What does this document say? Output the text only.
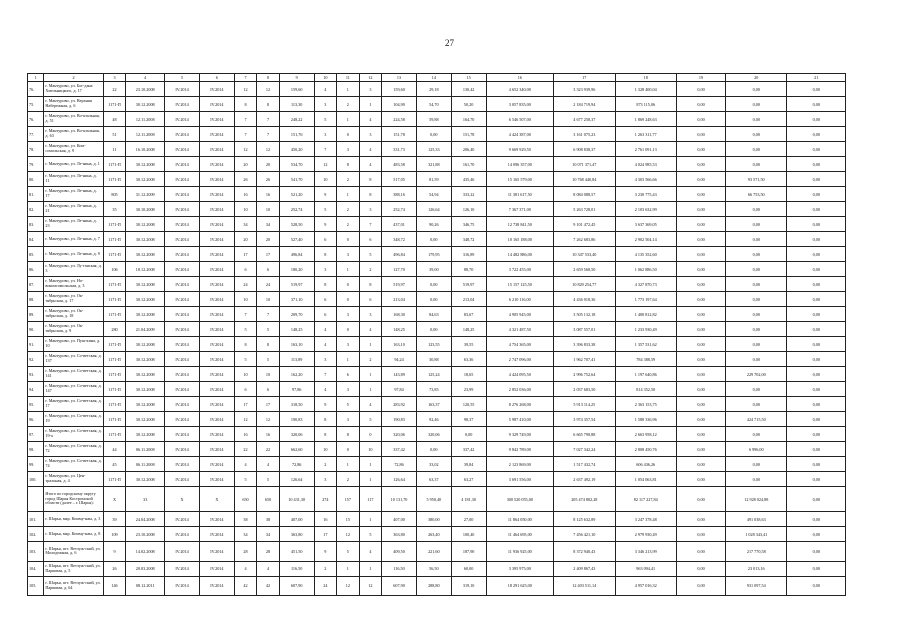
27
1	2	3	4	5	6	7	8	9	10	11	12	13	14	15	16	17	18	19	20	21
76.	г. Мантурово, ул. Бог-дана Хмельницкого, д. 17	22	23.10.2008	IV.2014	IV.2014	12	12	159,60	4	1	3	159,60	29,18	130,42	4 652 340,00	3 323 939,96	1 328 400,04	0,00	0,00	0,00
75.	г. Мантурово, ул. Верхняя Набережная, д. 6	1171-П	30.12.2008	IV.2014	IV.2014	8	8	113,30	3	2	1	104,90	54,70	50,20	3 057 835,00	2 184 719,94	873 115,06	0,00	0,00	0,00
76.	г. Мантурово, ул. Во-кзальная, д. 51	48	12.11.2008	IV.2014	IV.2014	7	7	248,22	5	1	4	224,58	59,88	164,70	6 546 507,00	4 677 258,37	1 869 248,63	0,00	0,00	0,00
77.	г. Мантурово, ул. Во-кзальная, д. 63	51	12.11.2008	IV.2014	IV.2014	7	7	151,76	3	0	3	151,78	0,00	151,78	4 424 387,00	3 161 075,23	1 263 311,77	0,00	0,00	0,00
78.	г. Мантурово, ул. Ком-сомольская, д. 9	11	16.10.2008	IV.2014	IV.2014	12	12	450,20	7	3	4	331,73	125,33	206,40	9 669 929,50	6 908 838,37	2 761 091,13	0,00	0,00	0,00
79.	г. Мантурово, ул. Ле-нина, д. 1	1171-П	30.12.2008	IV.2014	IV.2014	20	20	534,70	12	8	4	483,58	321,88	161,70	14 096 357,00	10 071 371,47	4 024 985,53	0,00	0,00	0,00
80.	г. Мантурово, ул. Ле-нина, д. 11	1171-П	30.12.2008	IV.2014	IV.2014	26	26	541,70	10	2	8	517,05	81,59	435,46	15 165 579,00	10 768 440,84	4 303 566,66	0,00	93 571,50	0,00
81.	г. Мантурово, ул. Ле-нина, д. 17	805	31.12.2009	IV.2014	IV.2014	16	16	521,20	9	1	8	388,16	54,94	333,22	11 381 617,50	8 084 088,57	3 230 775,43	0,00	66 753,50	0,00
82.	г. Мантурово, ул. Ле-нина, д. 21	35	30.10.2008	IV.2014	IV.2014	10	10	252,74	5	2	3	252,74	126,64	126,10	7 367 371,00	5 263 728,01	2 103 632,99	0,00	0,00	0,00
83.	г. Мантурово, ул. Ле-нина, д. 23	1171-П	30.12.2008	IV.2014	IV.2014	34	34	528,50	9	2	7	437,01	90,26	346,75	12 738 841,50	9 101 472,45	3 637 369,05	0,00	0,00	0,00
84.	г. Мантурово, ул. Ле-нина, д. 7	1171-П	30.12.2008	IV.2014	IV.2014	20	20	527,40	6	0	6	348,72	0,00	348,72	10 165 188,00	7 262 683,86	2 902 504,14	0,00	0,00	0,00
85.	г. Мантурово, ул. Ле-нина, д. 9	1171-П	30.12.2008	IV.2014	IV.2014	17	17	496,84	8	3	5	496,84	179,95	316,89	14 482 886,00	10 347 533,40	4 135 352,60	0,00	0,00	0,00
86.	г. Мантурово, ул. Лу-ганская, д. 3	106	18.12.2008	IV.2014	IV.2014	6	6	180,20	3	1	2	127,70	39,00	88,70	3 722 455,00	2 659 568,50	1 062 886,50	0,00	0,00	0,00
87.	г. Мантурово, ул. Но-вокомсомольская, д. 3	1171-П	30.12.2008	IV.2014	IV.2014	24	24	519,97	8	0	8	519,97	0,00	519,97	15 157 125,50	10 829 254,77	4 327 870,73	0,00	0,00	0,00
88.	г. Мантурово, ул. Ок-тябрьская, д. 17	1171-П	30.12.2008	IV.2014	IV.2014	10	10	371,10	6	0	6	213,04	0,00	213,04	6 210 116,00	4 436 918,36	1 773 197,64	0,00	0,00	0,00
89.	г. Мантурово, ул. Ок-тябрьская, д. 18	1171-П	30.12.2008	IV.2014	IV.2014	7	7	209,70	6	3	3	168,30	84,63	83,67	4 905 945,00	3 505 132,18	1 400 812,82	0,00	0,00	0,00
90.	г. Мантурово, ул. Ок-тябрьская, д. 9	280	21.04.2009	IV.2014	IV.2014	5	5	148,25	4	0	4	148,25	0,00	148,25	4 321 487,50	3 087 557,01	1 233 930,49	0,00	0,00	0,00
91.	г. Мантурово, ул. Пуш-кина, д. 10	1171-П	30.12.2008	IV.2014	IV.2014	8	8	163,10	4	3	1	163,10	123,55	39,55	4 754 365,00	3 396 833,38	1 357 531,62	0,00	0,00	0,00
92.	г. Мантурово, ул. Со-ветская, д. 137	1171-П	30.12.2008	IV.2014	IV.2014	5	5	113,89	3	1	2	94,24	30,88	63,36	2 747 096,00	1 962 707,41	784 388,59	0,00	0,00	0,00
93.	г. Мантурово, ул. Со-ветская, д. 141	1171-П	30.12.2008	IV.2014	IV.2014	10	10	162,20	7	6	1	143,89	125,24	18,65	4 424 095,50	2 996 752,64	1 197 640,86	0,00	229 702,00	0,00
94.	г. Мантурово, ул. Со-ветская, д. 147	1171-П	30.12.2008	IV.2014	IV.2014	6	6	97,86	4	3	1	97,84	73,85	23,99	2 852 036,00	2 037 683,50	814 352,50	0,00	0,00	0,00
95.	г. Мантурово, ул. Со-ветская, д. 17	1171-П	30.12.2008	IV.2014	IV.2014	17	17	318,50	9	5	4	283,92	163,37	120,55	8 276 268,00	5 913 114,25	2 363 153,75	0,00	0,00	0,00
96.	г. Мантурово, ул. Со-ветская, д. 19	1171-П	30.12.2008	IV.2014	IV.2014	12	12	190,83	8	3	5	190,83	92,46	98,37	5 987 410,00	3 974 357,54	1 588 336,96	0,00	424 715,50	0,00
97.	г. Мантурово, ул. Со-ветская, д. 19-а	1171-П	30.12.2008	IV.2014	IV.2014	16	16	320,06	8	8	0	320,06	320,06	0,00	9 329 749,00	6 665 790,88	2 663 958,12	0,00	0,00	0,00
98.	г. Мантурово, ул. Со-ветская, д. 72	44	06.11.2008	IV.2014	IV.2014	22	22	662,60	10	0	10	337,42	0,00	337,42	9 842 789,00	7 027 342,24	2 808 450,76	0,00	6 996,00	0,00
99.	г. Мантурово, ул. Со-ветская, д. 74	45	06.11.2008	IV.2014	IV.2014	4	4	72,86	2	1	1	72,86	33,02	39,84	2 123 869,00	1 517 432,74	606 436,26	0,00	0,00	0,00
100.	г. Мантурово, ул. Цен-тральная, д. 4	1171-П	30.12.2008	IV.2014	IV.2014	5	5	126,64	3	2	1	126,64	63,37	63,27	3 691 556,00	2 637 492,19	1 054 063,81	0,00	0,00	0,00
	Итого по городскому округу город Шарья Костромской области (далее – г. Шарья):	X	33	X	X	650	650	10 431,30	274	157	117	10 131,70	5 950,40	4 181,30	300 520 055,00	205 474 802,28	82 117 227,84	0,00	12 928 024,88	0,00
101.	г. Шарья, мкр. Комму-наы, д. 3	39	24.04.2008	IV.2014	IV.2014	38	38	407,00	16	15	1	407,00	380,00	27,00	11 864 050,00	8 125 632,89	3 247 378,48	0,00	491 038,63	0,00
102.	г. Шарья, мкр. Комму-наы, д. 8	109	23.10.2008	IV.2014	IV.2014	34	34	363,80	17	12	5	363,80	263,40	100,40	11 464 695,00	7 456 421,10	2 979 930,49	0,00	1 028 343,41	0,00
103.	г. Шарья, пгт. Ветлуж-ский, ул. Молодежная, д. 6	9	14.02.2008	IV.2014	IV.2014	28	28	451,50	9	5	4	409,50	221,60	187,90	11 936 925,00	8 372 940,43	3 346 213,99	0,00	217 770,58	0,00
104.	г. Шарья, пгт. Ветлуж-ский, ул. Парковая, д. 5	26	20.03.2008	IV.2014	IV.2014	4	4	116,50	2	1	1	116,50	56,50	60,00	3 395 975,00	2 409 867,43	963 094,41	0,00	23 013,16	0,00
105.	г. Шарья, пгт. Ветлуж-ский, ул. Парковая, д. 64	146	08.12.2011	IV.2014	IV.2014	42	42	607,90	24	12	12	607,90	288,80	319,10	18 291 625,00	12 403 511,14	4 957 016,32	0,00	931 097,54	0,00
